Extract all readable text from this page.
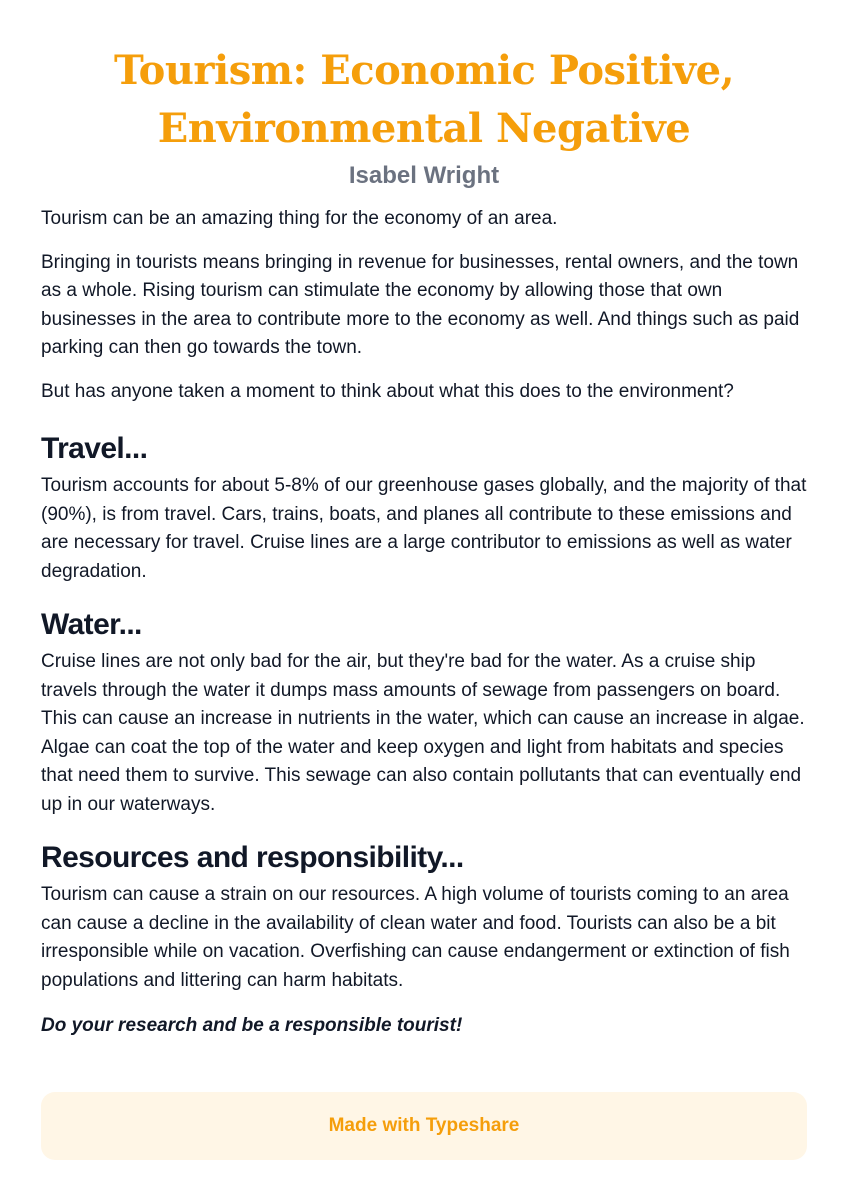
Tourism: Economic Positive, Environmental Negative
Isabel Wright

Tourism can be an amazing thing for the economy of an area.

Bringing in tourists means bringing in revenue for businesses, rental owners, and the town as a whole. Rising tourism can stimulate the economy by allowing those that own businesses in the area to contribute more to the economy as well. And things such as paid parking can then go towards the town.

But has anyone taken a moment to think about what this does to the environment?

Travel...

Tourism accounts for about 5-8% of our greenhouse gases globally, and the majority of that (90%), is from travel. Cars, trains, boats, and planes all contribute to these emissions and are necessary for travel. Cruise lines are a large contributor to emissions as well as water degradation.

Water...

Cruise lines are not only bad for the air, but they're bad for the water. As a cruise ship travels through the water it dumps mass amounts of sewage from passengers on board. This can cause an increase in nutrients in the water, which can cause an increase in algae. Algae can coat the top of the water and keep oxygen and light from habitats and species that need them to survive. This sewage can also contain pollutants that can eventually end up in our waterways.

Resources and responsibility...

Tourism can cause a strain on our resources. A high volume of tourists coming to an area can cause a decline in the availability of clean water and food. Tourists can also be a bit irresponsible while on vacation. Overfishing can cause endangerment or extinction of fish populations and littering can harm habitats.

Do your research and be a responsible tourist!

Made with Typeshare
